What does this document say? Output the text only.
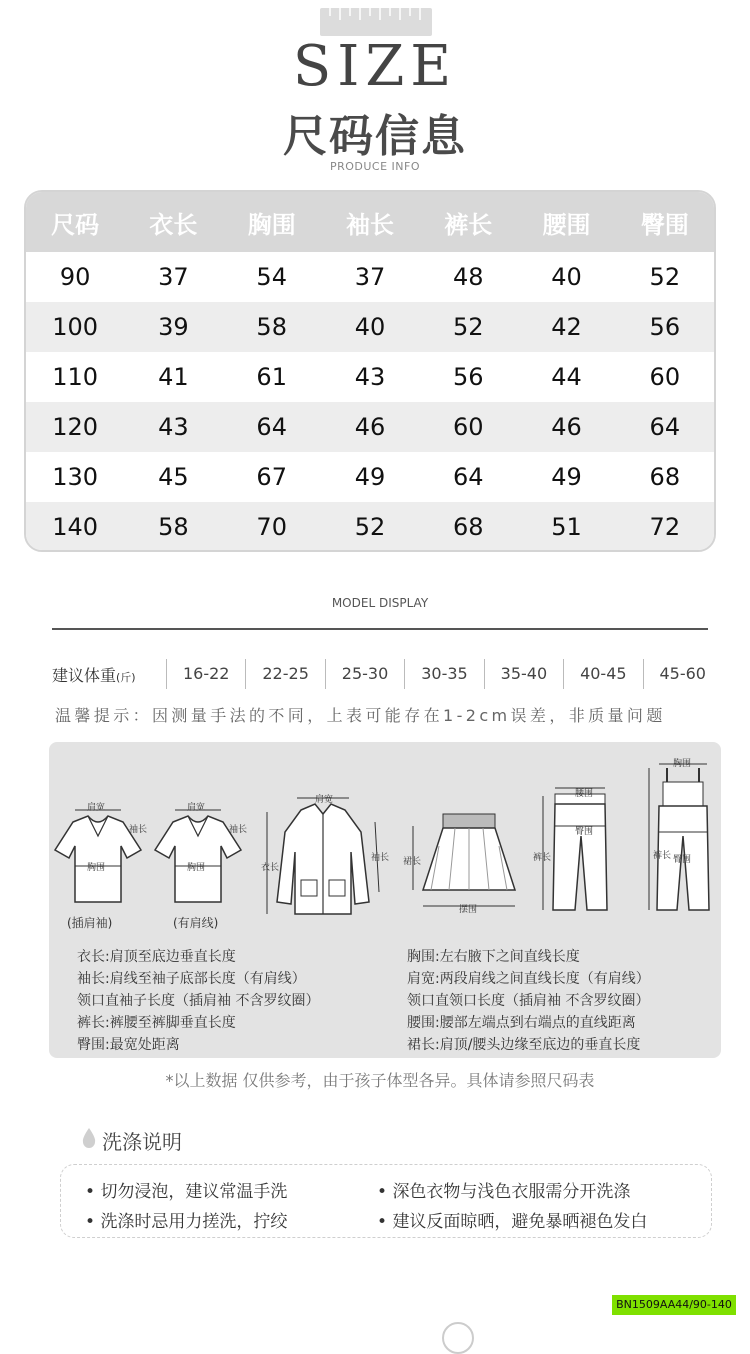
SIZE
尺码信息
PRODUCE INFO
尺码	衣长	胸围	袖长	裤长	腰围	臀围
90	37	54	37	48	40	52
100	39	58	40	52	42	56
110	41	61	43	56	44	60
120	43	64	46	60	46	64
130	45	67	49	64	49	68
140	58	70	52	68	51	72
MODEL DISPLAY
建议体重(斤)	16-22	22-25	25-30	30-35	35-40	40-45	45-60
温馨提示：因测量手法的不同，上表可能存在1-2cm误差，非质量问题
肩宽
袖长
胸围
(插肩袖)
肩宽
袖长
胸围
(有肩线)
肩宽
衣长
袖长 裙长
摆围
腰围
臀围
裤长
胸围
臀围
裤长
衣长:肩顶至底边垂直长度
袖长:肩线至袖子底部长度（有肩线）
领口直袖子长度（插肩袖 不含罗纹圈）
裤长:裤腰至裤脚垂直长度
臀围:最宽处距离
胸围:左右腋下之间直线长度
肩宽:两段肩线之间直线长度（有肩线）
领口直领口长度（插肩袖 不含罗纹圈）
腰围:腰部左端点到右端点的直线距离
裙长:肩顶/腰头边缘至底边的垂直长度
*以上数据 仅供参考，由于孩子体型各异。具体请参照尺码表
洗涤说明
• 切勿浸泡，建议常温手洗	• 深色衣物与浅色衣服需分开洗涤
• 洗涤时忌用力搓洗，拧绞	• 建议反面晾晒，避免暴晒褪色发白
BN1509AA44/90-140
